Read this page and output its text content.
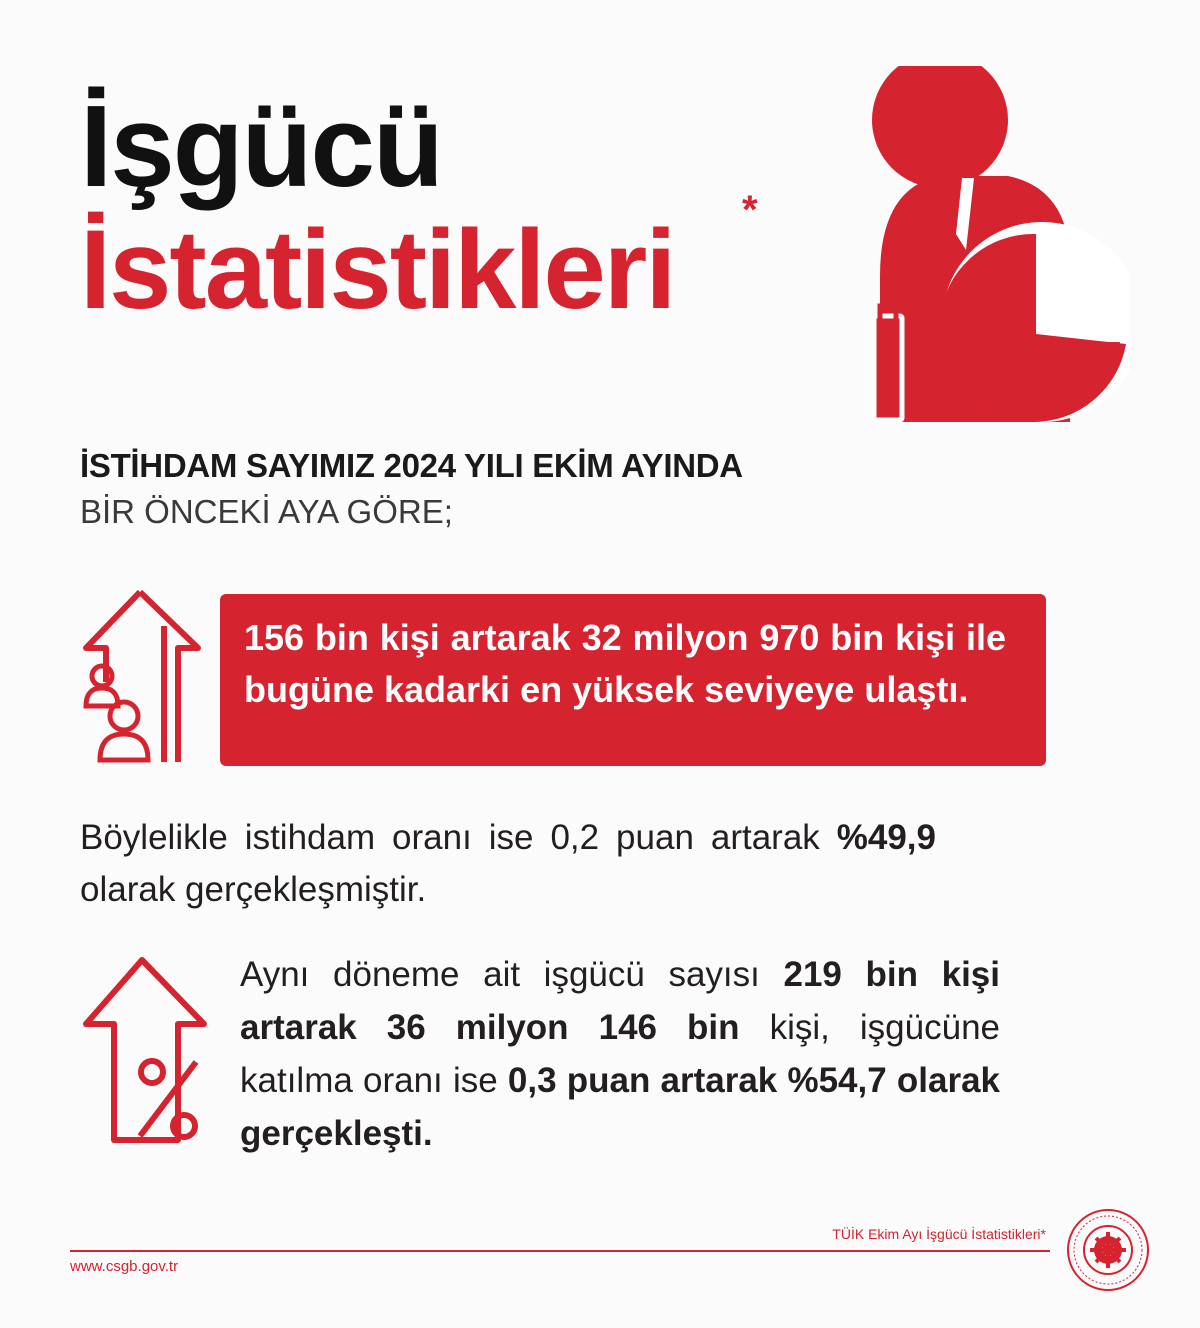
İşgücü
İstatistikleri *
İSTİHDAM SAYIMIZ 2024 YILI EKİM AYINDA
BİR ÖNCEKİ AYA GÖRE;
156 bin kişi artarak 32 milyon 970 bin kişi ile bugüne kadarki en yüksek seviyeye ulaştı.
Böylelikle istihdam oranı ise 0,2 puan artarak %49,9 olarak gerçekleşmiştir.
Aynı döneme ait işgücü sayısı 219 bin kişi artarak 36 milyon 146 bin kişi, işgücüne katılma oranı ise 0,3 puan artarak %54,7 olarak gerçekleşti.
TÜİK Ekim Ayı İşgücü İstatistikleri*
www.csgb.gov.tr
